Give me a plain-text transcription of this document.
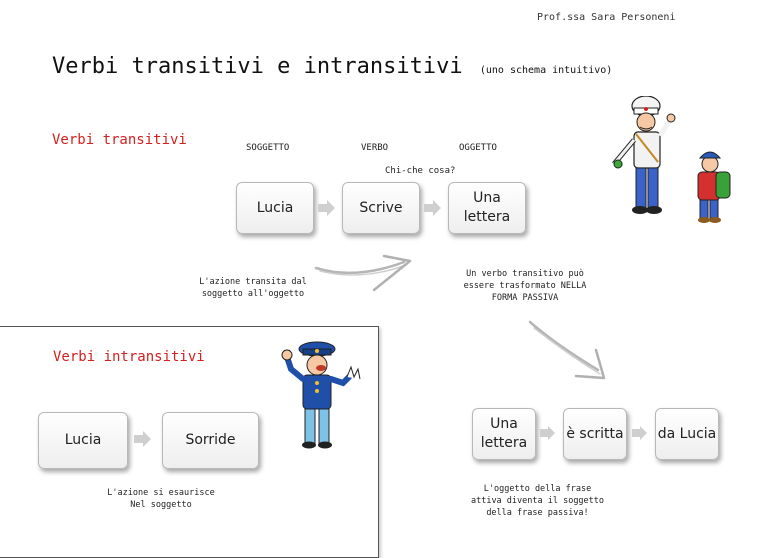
Prof.ssa Sara Personeni
Verbi transitivi e intransitivi (uno schema intuitivo)
Verbi transitivi	SOGGETTO	VERBO	OGGETTO
Chi-che cosa?
Lucia	Scrive
Una lettera
L'azione transita dal soggetto all'oggetto
Un verbo transitivo può essere trasformato NELLA FORMA PASSIVA
Una lettera
è scritta da Lucia
L'oggetto della frase attiva diventa il soggetto della frase passiva!
Verbi intransitivi
Lucia	Sorride
L'azione si esaurisce Nel soggetto
